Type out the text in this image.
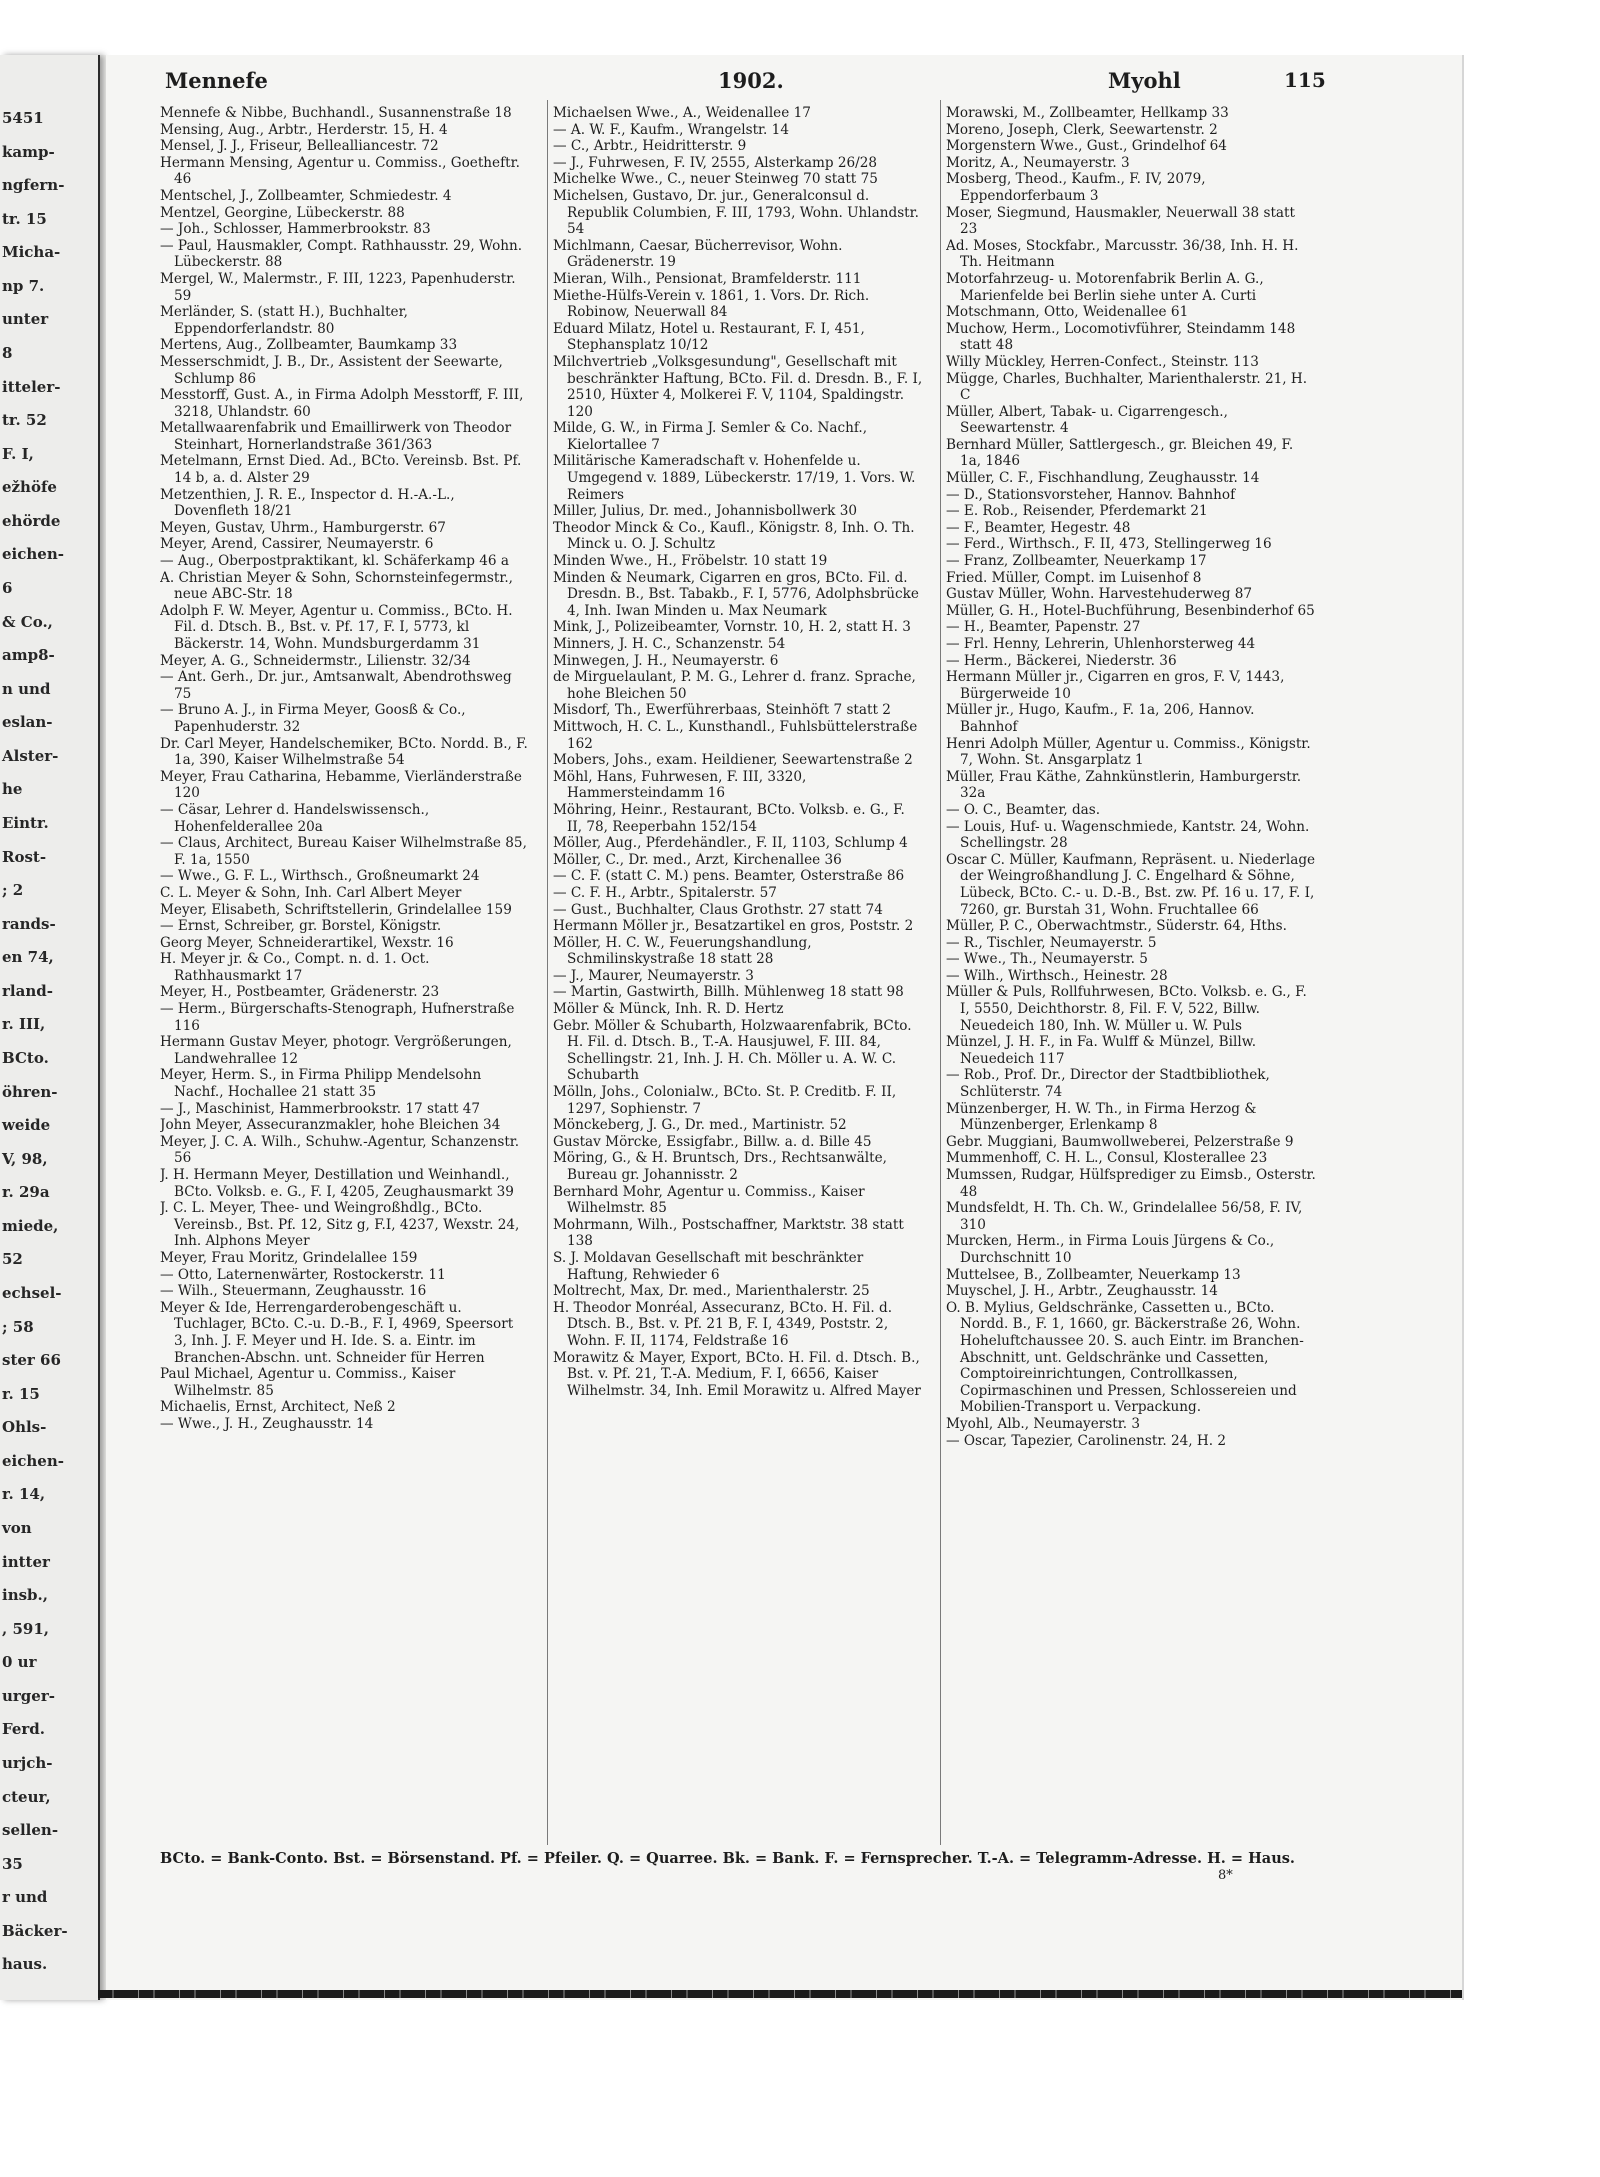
5451
kamp-
ngfern-
tr. 15
Micha-
np 7.
unter
8
itteler-
tr. 52
F. I,
ežhöfe
ehörde
eichen-
6
& Co.,
amp8-
n und
eslan-
Alster-
he
Eintr.
Rost-
; 2
rands-
en 74,
rland-
r. III,
BCto.
öhren-
weide
V, 98,
r. 29a
miede,
52
echsel-
; 58
ster 66
r. 15
Ohls-
eichen-
r. 14,
von
intter
insb.,
, 591,
0 ur
urger-
Ferd.
urjch-
cteur,
sellen-
35
r und
Bäcker-
haus.
Mennefe	1902.	Myohl	115

Mennefe & Nibbe, Buchhandl., Susannenstraße 18

Mensing, Aug., Arbtr., Herderstr. 15, H. 4

Mensel, J. J., Friseur, Bellealliancestr. 72

Hermann Mensing, Agentur u. Commiss., Goetheftr. 46

Mentschel, J., Zollbeamter, Schmiedestr. 4

Mentzel, Georgine, Lübeckerstr. 88

— Joh., Schlosser, Hammerbrookstr. 83

— Paul, Hausmakler, Compt. Rathhausstr. 29, Wohn. Lübeckerstr. 88

Mergel, W., Malermstr., F. III, 1223, Papenhuderstr. 59

Merländer, S. (statt H.), Buchhalter, Eppendorferlandstr. 80

Mertens, Aug., Zollbeamter, Baumkamp 33

Messerschmidt, J. B., Dr., Assistent der Seewarte, Schlump 86

Messtorff, Gust. A., in Firma Adolph Messtorff, F. III, 3218, Uhlandstr. 60

Metallwaarenfabrik und Emaillirwerk von Theodor Steinhart, Hornerlandstraße 361/363

Metelmann, Ernst Died. Ad., BCto. Vereinsb. Bst. Pf. 14 b, a. d. Alster 29

Metzenthien, J. R. E., Inspector d. H.-A.-L., Dovenfleth 18/21

Meyen, Gustav, Uhrm., Hamburgerstr. 67

Meyer, Arend, Cassirer, Neumayerstr. 6

— Aug., Oberpostpraktikant, kl. Schäferkamp 46 a

A. Christian Meyer & Sohn, Schornsteinfegermstr., neue ABC-Str. 18

Adolph F. W. Meyer, Agentur u. Commiss., BCto. H. Fil. d. Dtsch. B., Bst. v. Pf. 17, F. I, 5773, kl Bäckerstr. 14, Wohn. Mundsburgerdamm 31

Meyer, A. G., Schneidermstr., Lilienstr. 32/34

— Ant. Gerh., Dr. jur., Amtsanwalt, Abendrothsweg 75

— Bruno A. J., in Firma Meyer, Goosß & Co., Papenhuderstr. 32

Dr. Carl Meyer, Handelschemiker, BCto. Nordd. B., F. 1a, 390, Kaiser Wilhelmstraße 54

Meyer, Frau Catharina, Hebamme, Vierländerstraße 120

— Cäsar, Lehrer d. Handelswissensch., Hohenfelderallee 20a

— Claus, Architect, Bureau Kaiser Wilhelmstraße 85, F. 1a, 1550

— Wwe., G. F. L., Wirthsch., Großneumarkt 24

C. L. Meyer & Sohn, Inh. Carl Albert Meyer

Meyer, Elisabeth, Schriftstellerin, Grindelallee 159

— Ernst, Schreiber, gr. Borstel, Königstr.

Georg Meyer, Schneiderartikel, Wexstr. 16

H. Meyer jr. & Co., Compt. n. d. 1. Oct. Rathhausmarkt 17

Meyer, H., Postbeamter, Grädenerstr. 23

— Herm., Bürgerschafts-Stenograph, Hufnerstraße 116

Hermann Gustav Meyer, photogr. Vergrößerungen, Landwehrallee 12

Meyer, Herm. S., in Firma Philipp Mendelsohn Nachf., Hochallee 21 statt 35

— J., Maschinist, Hammerbrookstr. 17 statt 47

John Meyer, Assecuranzmakler, hohe Bleichen 34

Meyer, J. C. A. Wilh., Schuhw.-Agentur, Schanzenstr. 56

J. H. Hermann Meyer, Destillation und Weinhandl., BCto. Volksb. e. G., F. I, 4205, Zeughausmarkt 39

J. C. L. Meyer, Thee- und Weingroßhdlg., BCto. Vereinsb., Bst. Pf. 12, Sitz g, F.I, 4237, Wexstr. 24, Inh. Alphons Meyer

Meyer, Frau Moritz, Grindelallee 159

— Otto, Laternenwärter, Rostockerstr. 11

— Wilh., Steuermann, Zeughausstr. 16

Meyer & Ide, Herrengarderobengeschäft u. Tuchlager, BCto. C.-u. D.-B., F. I, 4969, Speersort 3, Inh. J. F. Meyer und H. Ide. S. a. Eintr. im Branchen-Abschn. unt. Schneider für Herren

Paul Michael, Agentur u. Commiss., Kaiser Wilhelmstr. 85

Michaelis, Ernst, Architect, Neß 2

— Wwe., J. H., Zeughausstr. 14

Michaelsen Wwe., A., Weidenallee 17

— A. W. F., Kaufm., Wrangelstr. 14

— C., Arbtr., Heidritterstr. 9

— J., Fuhrwesen, F. IV, 2555, Alsterkamp 26/28

Michelke Wwe., C., neuer Steinweg 70 statt 75

Michelsen, Gustavo, Dr. jur., Generalconsul d. Republik Columbien, F. III, 1793, Wohn. Uhlandstr. 54

Michlmann, Caesar, Bücherrevisor, Wohn. Grädenerstr. 19

Mieran, Wilh., Pensionat, Bramfelderstr. 111

Miethe-Hülfs-Verein v. 1861, 1. Vors. Dr. Rich. Robinow, Neuerwall 84

Eduard Milatz, Hotel u. Restaurant, F. I, 451, Stephansplatz 10/12

Milchvertrieb „Volksgesundung", Gesellschaft mit beschränkter Haftung, BCto. Fil. d. Dresdn. B., F. I, 2510, Hüxter 4, Molkerei F. V, 1104, Spaldingstr. 120

Milde, G. W., in Firma J. Semler & Co. Nachf., Kielortallee 7

Militärische Kameradschaft v. Hohenfelde u. Umgegend v. 1889, Lübeckerstr. 17/19, 1. Vors. W. Reimers

Miller, Julius, Dr. med., Johannisbollwerk 30

Theodor Minck & Co., Kaufl., Königstr. 8, Inh. O. Th. Minck u. O. J. Schultz

Minden Wwe., H., Fröbelstr. 10 statt 19

Minden & Neumark, Cigarren en gros, BCto. Fil. d. Dresdn. B., Bst. Tabakb., F. I, 5776, Adolphsbrücke 4, Inh. Iwan Minden u. Max Neumark

Mink, J., Polizeibeamter, Vornstr. 10, H. 2, statt H. 3

Minners, J. H. C., Schanzenstr. 54

Minwegen, J. H., Neumayerstr. 6

de Mirguelaulant, P. M. G., Lehrer d. franz. Sprache, hohe Bleichen 50

Misdorf, Th., Ewerführerbaas, Steinhöft 7 statt 2

Mittwoch, H. C. L., Kunsthandl., Fuhlsbüttelerstraße 162

Mobers, Johs., exam. Heildiener, Seewartenstraße 2

Möhl, Hans, Fuhrwesen, F. III, 3320, Hammersteindamm 16

Möhring, Heinr., Restaurant, BCto. Volksb. e. G., F. II, 78, Reeperbahn 152/154

Möller, Aug., Pferdehändler., F. II, 1103, Schlump 4

Möller, C., Dr. med., Arzt, Kirchenallee 36

— C. F. (statt C. M.) pens. Beamter, Osterstraße 86

— C. F. H., Arbtr., Spitalerstr. 57

— Gust., Buchhalter, Claus Grothstr. 27 statt 74

Hermann Möller jr., Besatzartikel en gros, Poststr. 2

Möller, H. C. W., Feuerungshandlung, Schmilinskystraße 18 statt 28

— J., Maurer, Neumayerstr. 3

— Martin, Gastwirth, Billh. Mühlenweg 18 statt 98

Möller & Münck, Inh. R. D. Hertz

Gebr. Möller & Schubarth, Holzwaarenfabrik, BCto. H. Fil. d. Dtsch. B., T.-A. Hausjuwel, F. III. 84, Schellingstr. 21, Inh. J. H. Ch. Möller u. A. W. C. Schubarth

Mölln, Johs., Colonialw., BCto. St. P. Creditb. F. II, 1297, Sophienstr. 7

Mönckeberg, J. G., Dr. med., Martinistr. 52

Gustav Mörcke, Essigfabr., Billw. a. d. Bille 45

Möring, G., & H. Bruntsch, Drs., Rechtsanwälte, Bureau gr. Johannisstr. 2

Bernhard Mohr, Agentur u. Commiss., Kaiser Wilhelmstr. 85

Mohrmann, Wilh., Postschaffner, Marktstr. 38 statt 138

S. J. Moldavan Gesellschaft mit beschränkter Haftung, Rehwieder 6

Moltrecht, Max, Dr. med., Marienthalerstr. 25

H. Theodor Monréal, Assecuranz, BCto. H. Fil. d. Dtsch. B., Bst. v. Pf. 21 B, F. I, 4349, Poststr. 2, Wohn. F. II, 1174, Feldstraße 16

Morawitz & Mayer, Export, BCto. H. Fil. d. Dtsch. B., Bst. v. Pf. 21, T.-A. Medium, F. I, 6656, Kaiser Wilhelmstr. 34, Inh. Emil Morawitz u. Alfred Mayer

Morawski, M., Zollbeamter, Hellkamp 33

Moreno, Joseph, Clerk, Seewartenstr. 2

Morgenstern Wwe., Gust., Grindelhof 64

Moritz, A., Neumayerstr. 3

Mosberg, Theod., Kaufm., F. IV, 2079, Eppendorferbaum 3

Moser, Siegmund, Hausmakler, Neuerwall 38 statt 23

Ad. Moses, Stockfabr., Marcusstr. 36/38, Inh. H. H. Th. Heitmann

Motorfahrzeug- u. Motorenfabrik Berlin A. G., Marienfelde bei Berlin siehe unter A. Curti

Motschmann, Otto, Weidenallee 61

Muchow, Herm., Locomotivführer, Steindamm 148 statt 48

Willy Mückley, Herren-Confect., Steinstr. 113

Mügge, Charles, Buchhalter, Marienthalerstr. 21, H. C

Müller, Albert, Tabak- u. Cigarrengesch., Seewartenstr. 4

Bernhard Müller, Sattlergesch., gr. Bleichen 49, F. 1a, 1846

Müller, C. F., Fischhandlung, Zeughausstr. 14

— D., Stationsvorsteher, Hannov. Bahnhof

— E. Rob., Reisender, Pferdemarkt 21

— F., Beamter, Hegestr. 48

— Ferd., Wirthsch., F. II, 473, Stellingerweg 16

— Franz, Zollbeamter, Neuerkamp 17

Fried. Müller, Compt. im Luisenhof 8

Gustav Müller, Wohn. Harvestehuderweg 87

Müller, G. H., Hotel-Buchführung, Besenbinderhof 65

— H., Beamter, Papenstr. 27

— Frl. Henny, Lehrerin, Uhlenhorsterweg 44

— Herm., Bäckerei, Niederstr. 36

Hermann Müller jr., Cigarren en gros, F. V, 1443, Bürgerweide 10

Müller jr., Hugo, Kaufm., F. 1a, 206, Hannov. Bahnhof

Henri Adolph Müller, Agentur u. Commiss., Königstr. 7, Wohn. St. Ansgarplatz 1

Müller, Frau Käthe, Zahnkünstlerin, Hamburgerstr. 32a

— O. C., Beamter, das.

— Louis, Huf- u. Wagenschmiede, Kantstr. 24, Wohn. Schellingstr. 28

Oscar C. Müller, Kaufmann, Repräsent. u. Niederlage der Weingroßhandlung J. C. Engelhard & Söhne, Lübeck, BCto. C.- u. D.-B., Bst. zw. Pf. 16 u. 17, F. I, 7260, gr. Burstah 31, Wohn. Fruchtallee 66

Müller, P. C., Oberwachtmstr., Süderstr. 64, Hths.

— R., Tischler, Neumayerstr. 5

— Wwe., Th., Neumayerstr. 5

— Wilh., Wirthsch., Heinestr. 28

Müller & Puls, Rollfuhrwesen, BCto. Volksb. e. G., F. I, 5550, Deichthorstr. 8, Fil. F. V, 522, Billw. Neuedeich 180, Inh. W. Müller u. W. Puls

Münzel, J. H. F., in Fa. Wulff & Münzel, Billw. Neuedeich 117

— Rob., Prof. Dr., Director der Stadtbibliothek, Schlüterstr. 74

Münzenberger, H. W. Th., in Firma Herzog & Münzenberger, Erlenkamp 8

Gebr. Muggiani, Baumwollweberei, Pelzerstraße 9

Mummenhoff, C. H. L., Consul, Klosterallee 23

Mumssen, Rudgar, Hülfsprediger zu Eimsb., Osterstr. 48

Mundsfeldt, H. Th. Ch. W., Grindelallee 56/58, F. IV, 310

Murcken, Herm., in Firma Louis Jürgens & Co., Durchschnitt 10

Muttelsee, B., Zollbeamter, Neuerkamp 13

Muyschel, J. H., Arbtr., Zeughausstr. 14

O. B. Mylius, Geldschränke, Cassetten u., BCto. Nordd. B., F. 1, 1660, gr. Bäckerstraße 26, Wohn. Hoheluftchaussee 20. S. auch Eintr. im Branchen-Abschnitt, unt. Geldschränke und Cassetten, Comptoireinrichtungen, Controllkassen, Copirmaschinen und Pressen, Schlossereien und Mobilien-Transport u. Verpackung.

Myohl, Alb., Neumayerstr. 3

— Oscar, Tapezier, Carolinenstr. 24, H. 2

BCto. = Bank-Conto. Bst. = Börsenstand. Pf. = Pfeiler. Q. = Quarree. Bk. = Bank. F. = Fernsprecher. T.-A. = Telegramm-Adresse. H. = Haus.
8*
